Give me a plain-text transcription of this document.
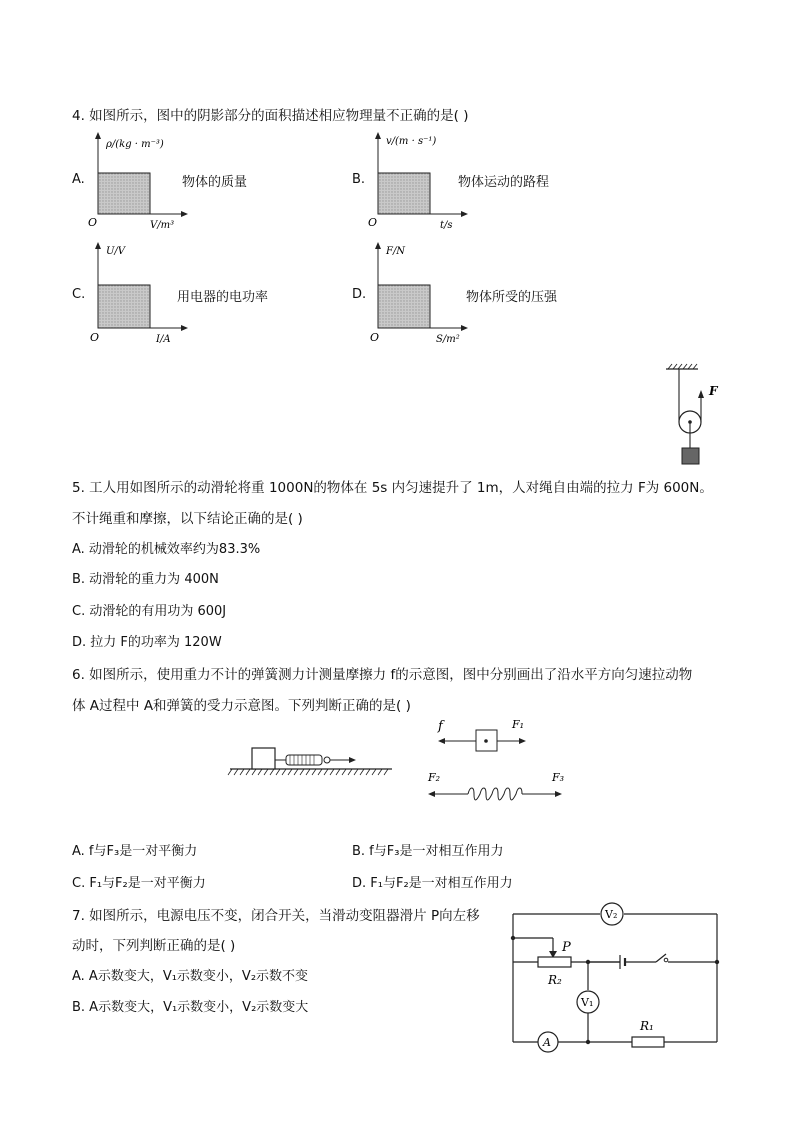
4. 如图所示，图中的阴影部分的面积描述相应物理量不正确的是( )
A.
ρ/(kg · m⁻³)
O	V/m³
物体的质量	B.
v/(m · s⁻¹)
O	t/s
物体运动的路程
C.
U/V
O	I/A
用电器的电功率	D.
F/N
O	S/m²
物体所受的压强
F
5. 工人用如图所示的动滑轮将重 1000N的物体在 5s 内匀速提升了 1m，人对绳自由端的拉力 F为 600N。
不计绳重和摩擦，以下结论正确的是( )
A. 动滑轮的机械效率约为83.3%
B. 动滑轮的重力为 400N
C. 动滑轮的有用功为 600J
D. 拉力 F的功率为 120W
6. 如图所示，使用重力不计的弹簧测力计测量摩擦力 f的示意图，图中分别画出了沿水平方向匀速拉动物
体 A过程中 A和弹簧的受力示意图。下列判断正确的是( )
f	F₁
F₂	F₃
A. f与F₃是一对平衡力	B. f与F₃是一对相互作用力
C. F₁与F₂是一对平衡力	D. F₁与F₂是一对相互作用力
7. 如图所示，电源电压不变，闭合开关，当滑动变阻器滑片 P向左移
动时，下列判断正确的是( )
A. A示数变大，V₁示数变小，V₂示数不变
B. A示数变大，V₁示数变小，V₂示数变大
V₂
P
R₂
V₁
A
R₁
